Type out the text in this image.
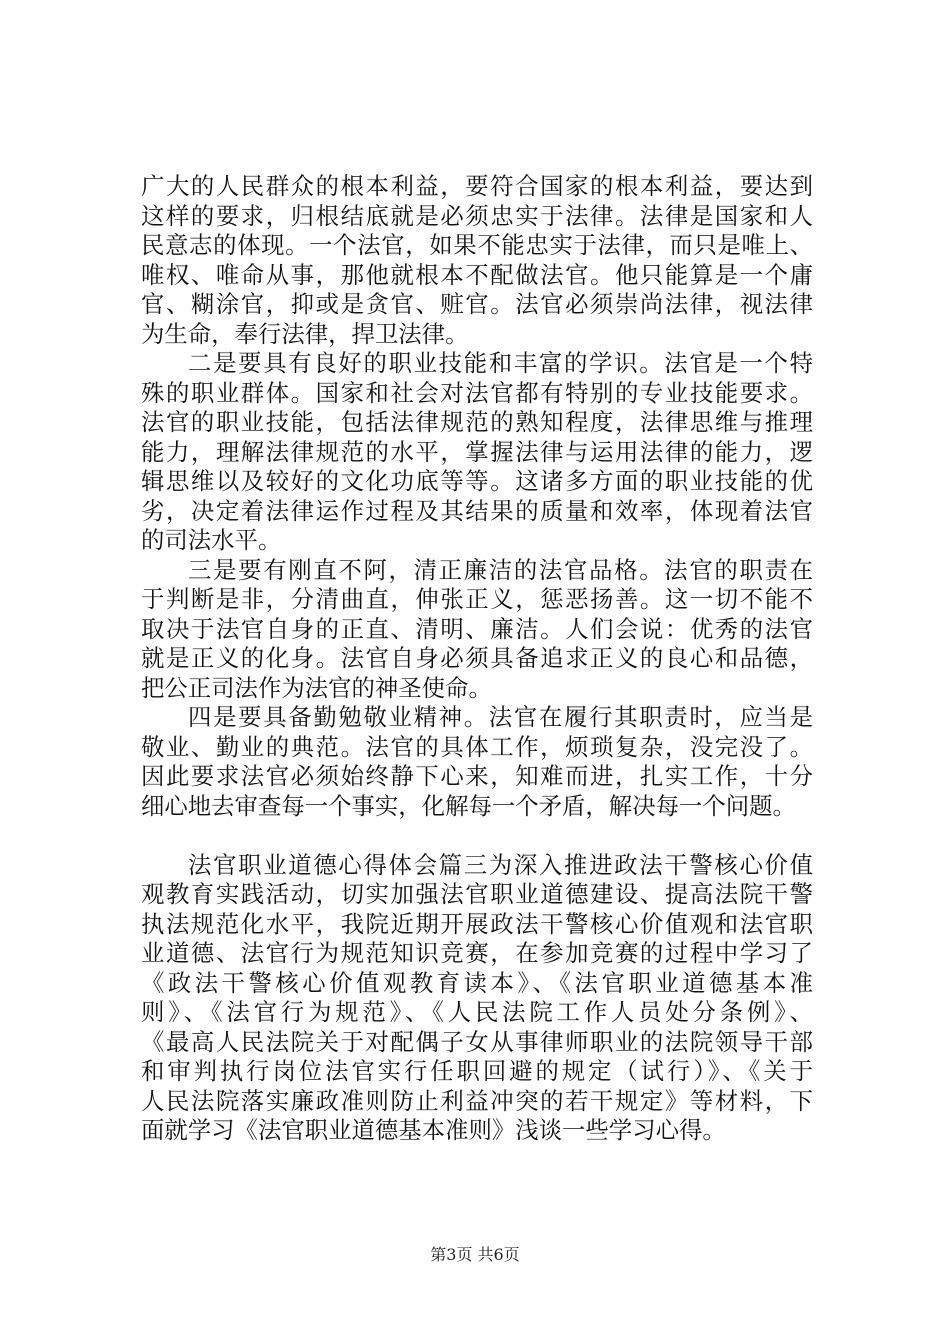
广大的人民群众的根本利益，要符合国家的根本利益，要达到
这样的要求，归根结底就是必须忠实于法律。法律是国家和人
民意志的体现。一个法官，如果不能忠实于法律，而只是唯上、
唯权、唯命从事，那他就根本不配做法官。他只能算是一个庸
官、糊涂官，抑或是贪官、赃官。法官必须崇尚法律，视法律
为生命，奉行法律，捍卫法律。
二是要具有良好的职业技能和丰富的学识。法官是一个特
殊的职业群体。国家和社会对法官都有特别的专业技能要求。
法官的职业技能，包括法律规范的熟知程度，法律思维与推理
能力，理解法律规范的水平，掌握法律与运用法律的能力，逻
辑思维以及较好的文化功底等等。这诸多方面的职业技能的优
劣，决定着法律运作过程及其结果的质量和效率，体现着法官
的司法水平。
三是要有刚直不阿，清正廉洁的法官品格。法官的职责在
于判断是非，分清曲直，伸张正义，惩恶扬善。这一切不能不
取决于法官自身的正直、清明、廉洁。人们会说：优秀的法官
就是正义的化身。法官自身必须具备追求正义的良心和品德，
把公正司法作为法官的神圣使命。
四是要具备勤勉敬业精神。法官在履行其职责时，应当是
敬业、勤业的典范。法官的具体工作，烦琐复杂，没完没了。
因此要求法官必须始终静下心来，知难而进，扎实工作，十分
细心地去审查每一个事实，化解每一个矛盾，解决每一个问题。
法官职业道德心得体会篇三为深入推进政法干警核心价值
观教育实践活动，切实加强法官职业道德建设、提高法院干警
执法规范化水平，我院近期开展政法干警核心价值观和法官职
业道德、法官行为规范知识竞赛，在参加竞赛的过程中学习了
《政法干警核心价值观教育读本》、《法官职业道德基本准
则》、《法官行为规范》、《人民法院工作人员处分条例》、
《最高人民法院关于对配偶子女从事律师职业的法院领导干部
和审判执行岗位法官实行任职回避的规定（试行）》、《关于
人民法院落实廉政准则防止利益冲突的若干规定》等材料，下
面就学习《法官职业道德基本准则》浅谈一些学习心得。
第3页 共6页
